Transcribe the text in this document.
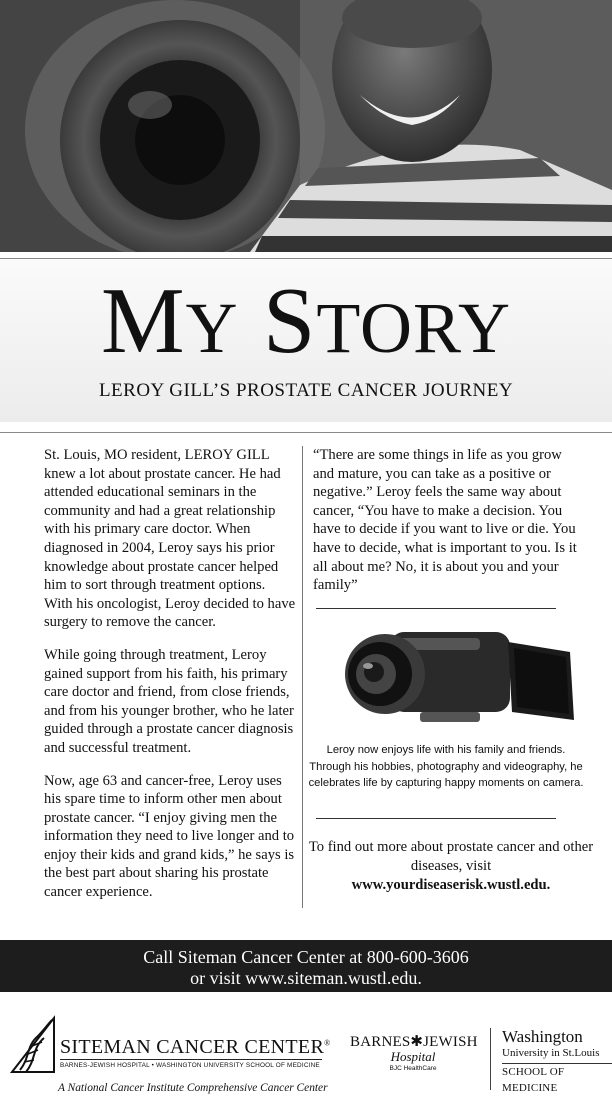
MY STORY
LEROY GILL’S PROSTATE CANCER JOURNEY

St. Louis, MO resident, LEROY GILL knew a lot about prostate cancer. He had attended educational seminars in the community and had a great relationship with his primary care doctor. When diagnosed in 2004, Leroy says his prior knowledge about prostate cancer helped him to sort through treatment options. With his oncologist, Leroy decided to have surgery to remove the cancer.

While going through treatment, Leroy gained support from his faith, his primary care doctor and friend, from close friends, and from his younger brother, who he later guided through a prostate cancer diagnosis and successful treatment.

Now, age 63 and cancer-free, Leroy uses his spare time to inform other men about prostate cancer. “I enjoy giving men the information they need to live longer and to enjoy their kids and grand kids,” he says is the best part about sharing his prostate cancer experience.

“There are some things in life as you grow and mature, you can take as a positive or negative.” Leroy feels the same way about cancer, “You have to make a decision. You have to decide if you want to live or die. You have to decide, what is important to you. Is it all about me? No, it is about you and your family”

Leroy now enjoys life with his family and friends. Through his hobbies, photography and videography, he celebrates life by capturing happy moments on camera.
To find out more about prostate cancer and other diseases, visit
www.yourdiseaserisk.wustl.edu.
Call Siteman Cancer Center at 800-600-3606
or visit www.siteman.wustl.edu.
SITEMAN CANCER CENTER®
BARNES-JEWISH HOSPITAL • WASHINGTON UNIVERSITY SCHOOL OF MEDICINE
A National Cancer Institute Comprehensive Cancer Center
BARNES✱JEWISH
Hospital
BJC HealthCare
Washington
University in St.Louis
SCHOOL OF MEDICINE
